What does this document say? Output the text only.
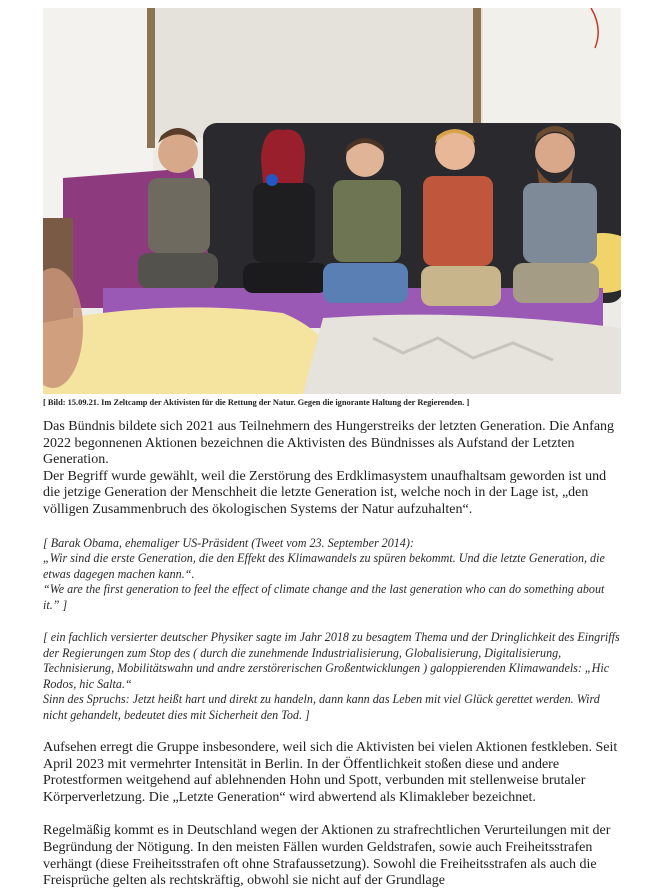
[ Bild: 15.09.21. Im Zeltcamp der Aktivisten für die Rettung der Natur. Gegen die ignorante Haltung der Regierenden. ]

Das Bündnis bildete sich 2021 aus Teilnehmern des Hungerstreiks der letzten Generation. Die Anfang 2022 begonnenen Aktionen bezeichnen die Aktivisten des Bündnisses als Aufstand der Letzten Generation.

Der Begriff wurde gewählt, weil die Zerstörung des Erdklimasystem unaufhaltsam geworden ist und die jetzige Generation der Menschheit die letzte Generation ist, welche noch in der Lage ist, „den völligen Zusammenbruch des ökologischen Systems der Natur aufzuhalten“.

[ Barak Obama, ehemaliger US-Präsident (Tweet vom 23. September 2014):

„Wir sind die erste Generation, die den Effekt des Klimawandels zu spüren bekommt. Und die letzte Generation, die etwas dagegen machen kann.“.

“We are the first generation to feel the effect of climate change and the last generation who can do something about it.” ]

[ ein fachlich versierter deutscher Physiker sagte im Jahr 2018 zu besagtem Thema und der Dringlichkeit des Eingriffs der Regierungen zum Stop des ( durch die zunehmende Industrialisierung, Globalisierung, Digitalisierung, Technisierung, Mobilitätswahn und andre zerstörerischen Großentwicklungen ) galoppierenden Klimawandels: „Hic Rodos, hic Salta.“

Sinn des Spruchs: Jetzt heißt hart und direkt zu handeln, dann kann das Leben mit viel Glück gerettet werden. Wird nicht gehandelt, bedeutet dies mit Sicherheit den Tod. ]

Aufsehen erregt die Gruppe insbesondere, weil sich die Aktivisten bei vielen Aktionen festkleben. Seit April 2023 mit vermehrter Intensität in Berlin. In der Öffentlichkeit stoßen diese und andere Protestformen weitgehend auf ablehnenden Hohn und Spott, verbunden mit stellenweise brutaler Körperverletzung. Die „Letzte Generation“ wird abwertend als Klimakleber bezeichnet.

Regelmäßig kommt es in Deutschland wegen der Aktionen zu strafrechtlichen Verurteilungen mit der Begründung der Nötigung. In den meisten Fällen wurden Geldstrafen, sowie auch Freiheitsstrafen verhängt (diese Freiheitsstrafen oft ohne Strafaussetzung). Sowohl die Freiheitsstrafen als auch die Freisprüche gelten als rechtskräftig, obwohl sie nicht auf der Grundlage
